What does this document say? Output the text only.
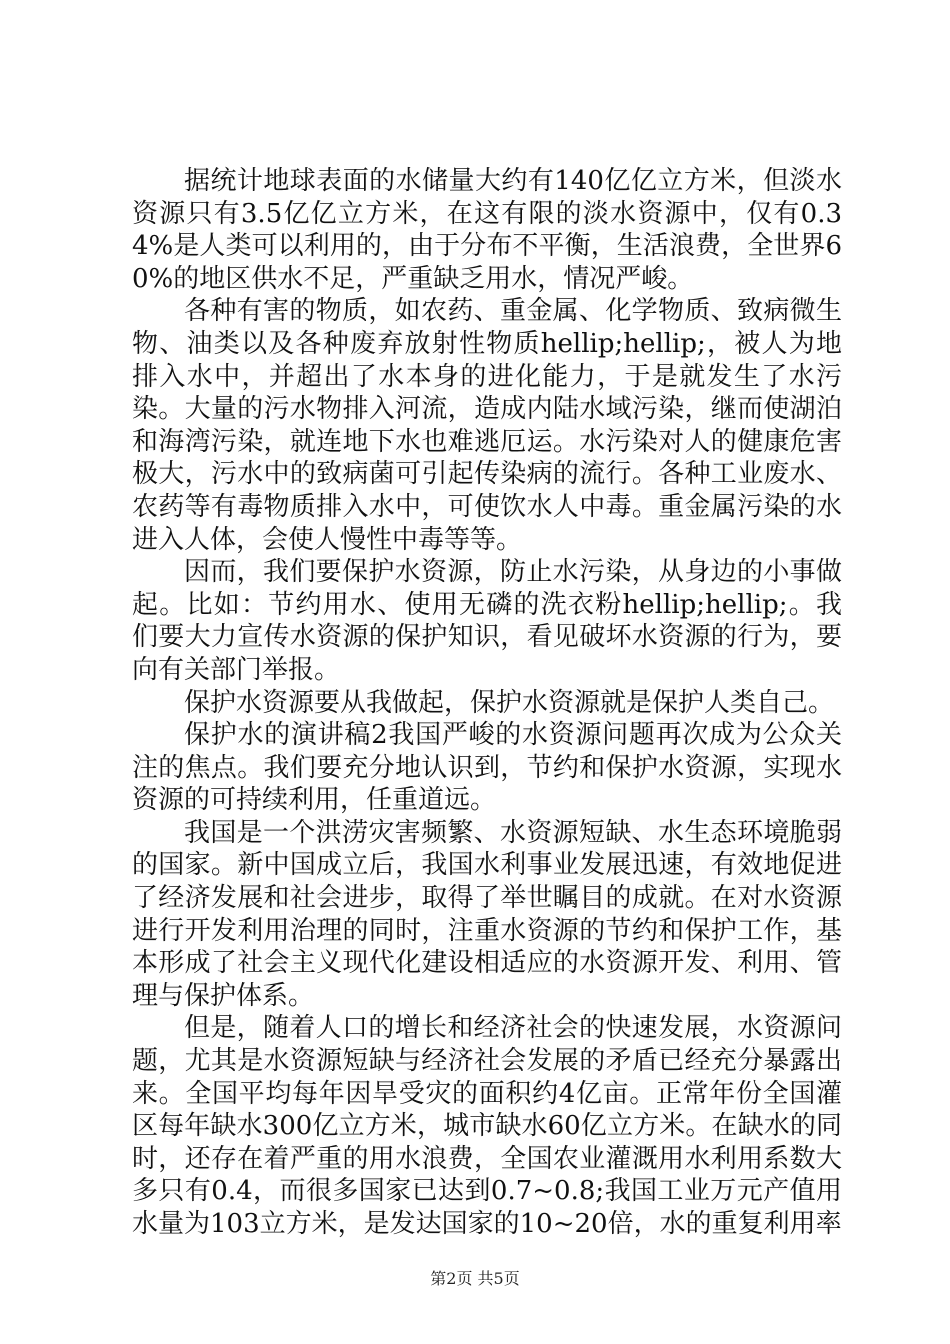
据统计地球表面的水储量大约有140亿亿立方米，但淡水资源只有3.5亿亿立方米，在这有限的淡水资源中，仅有0.34%是人类可以利用的，由于分布不平衡，生活浪费，全世界60%的地区供水不足，严重缺乏用水，情况严峻。

各种有害的物质，如农药、重金属、化学物质、致病微生物、油类以及各种废弃放射性物质hellip;hellip;，被人为地排入水中，并超出了水本身的进化能力，于是就发生了水污染。大量的污水物排入河流，造成内陆水域污染，继而使湖泊和海湾污染，就连地下水也难逃厄运。水污染对人的健康危害极大，污水中的致病菌可引起传染病的流行。各种工业废水、农药等有毒物质排入水中，可使饮水人中毒。重金属污染的水进入人体，会使人慢性中毒等等。

因而，我们要保护水资源，防止水污染，从身边的小事做起。比如：节约用水、使用无磷的洗衣粉hellip;hellip;。我们要大力宣传水资源的保护知识，看见破坏水资源的行为，要向有关部门举报。

保护水资源要从我做起，保护水资源就是保护人类自己。

保护水的演讲稿2我国严峻的水资源问题再次成为公众关注的焦点。我们要充分地认识到，节约和保护水资源，实现水资源的可持续利用，任重道远。

我国是一个洪涝灾害频繁、水资源短缺、水生态环境脆弱的国家。新中国成立后，我国水利事业发展迅速，有效地促进了经济发展和社会进步，取得了举世瞩目的成就。在对水资源进行开发利用治理的同时，注重水资源的节约和保护工作，基本形成了社会主义现代化建设相适应的水资源开发、利用、管理与保护体系。

但是，随着人口的增长和经济社会的快速发展，水资源问题，尤其是水资源短缺与经济社会发展的矛盾已经充分暴露出来。全国平均每年因旱受灾的面积约4亿亩。正常年份全国灌区每年缺水300亿立方米，城市缺水60亿立方米。在缺水的同时，还存在着严重的用水浪费，全国农业灌溉用水利用系数大多只有0.4，而很多国家已达到0.7~0.8;我国工业万元产值用水量为103立方米，是发达国家的10~20倍，水的重复利用率

第2页 共5页
